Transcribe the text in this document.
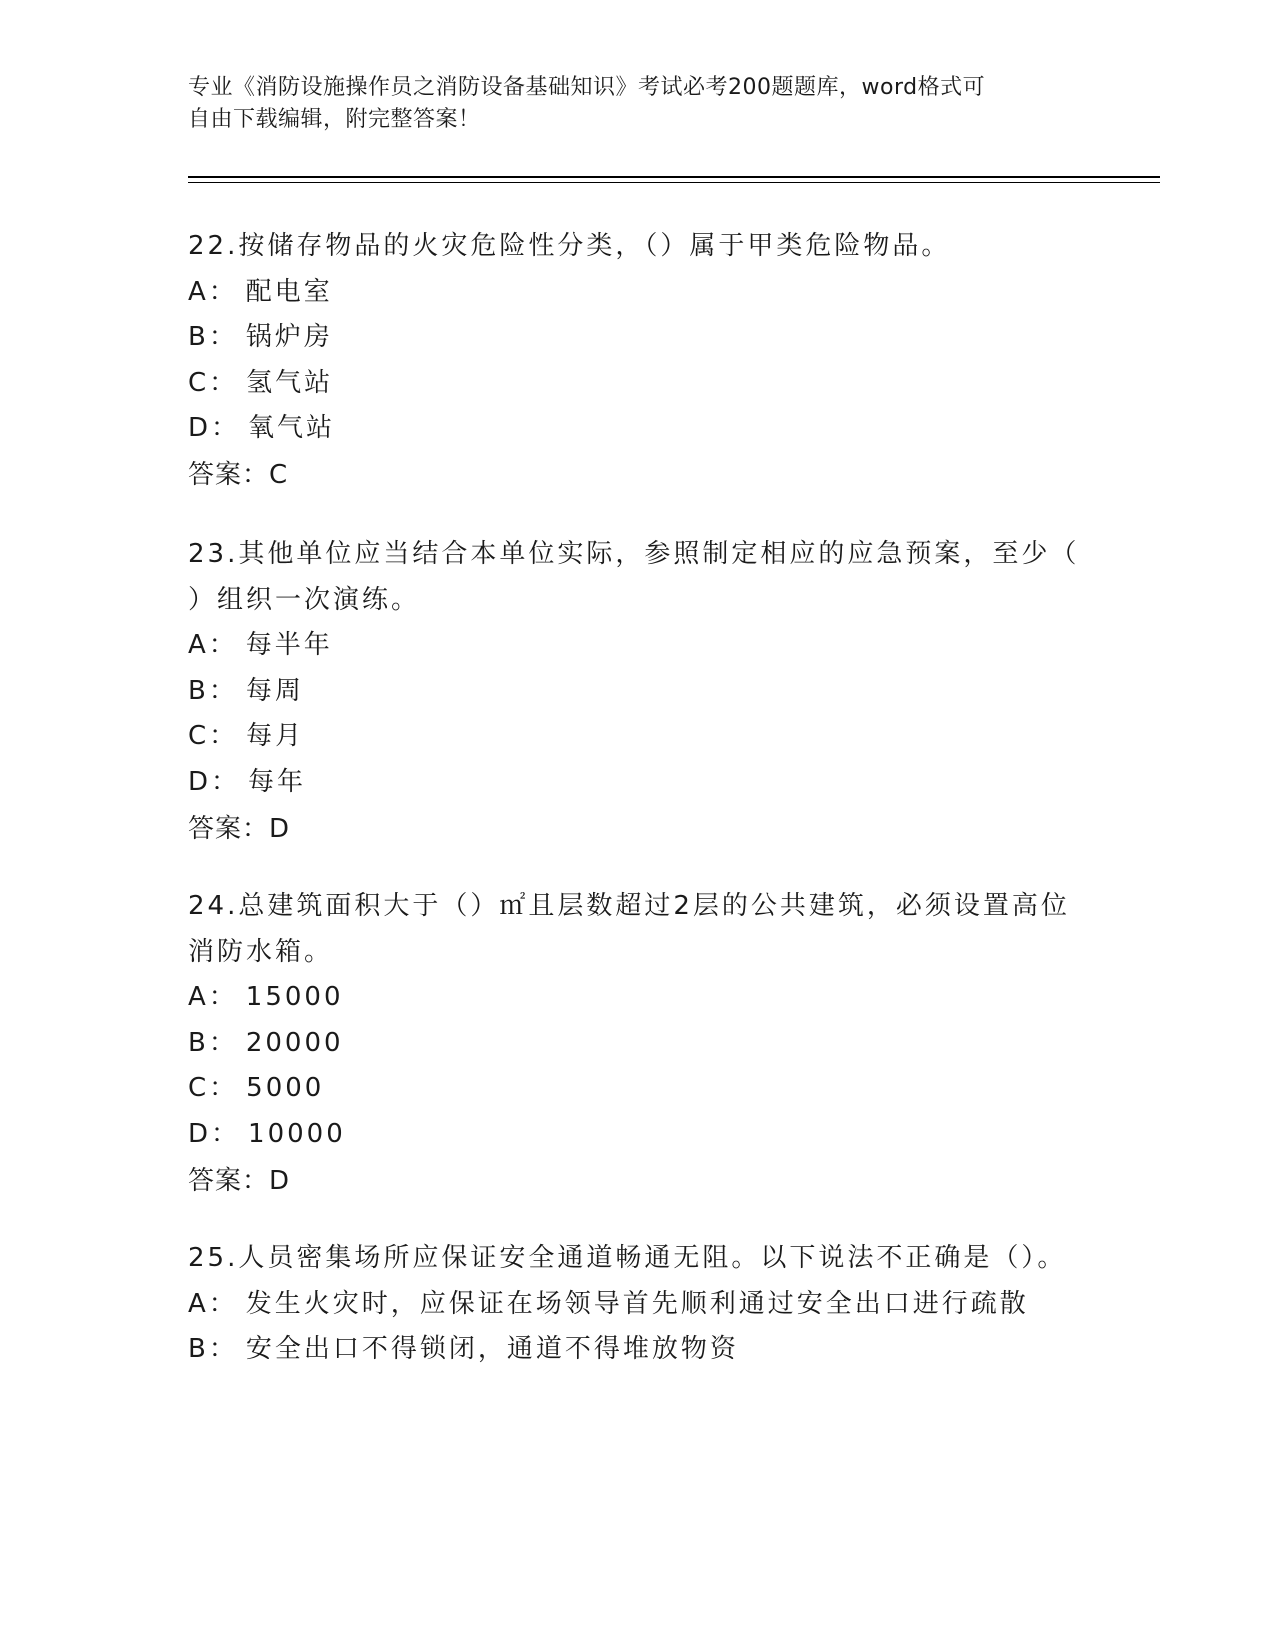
专业《消防设施操作员之消防设备基础知识》考试必考200题题库，word格式可
自由下载编辑，附完整答案！
22.按储存物品的火灾危险性分类，（）属于甲类危险物品。
A： 配电室
B： 锅炉房
C： 氢气站
D： 氧气站
答案：C
23.其他单位应当结合本单位实际，参照制定相应的应急预案，至少（
）组织一次演练。
A： 每半年
B： 每周
C： 每月
D： 每年
答案：D
24.总建筑面积大于（）㎡且层数超过2层的公共建筑，必须设置高位
消防水箱。
A： 15000
B： 20000
C： 5000
D： 10000
答案：D
25.人员密集场所应保证安全通道畅通无阻。以下说法不正确是（）。
A： 发生火灾时，应保证在场领导首先顺利通过安全出口进行疏散
B： 安全出口不得锁闭，通道不得堆放物资
